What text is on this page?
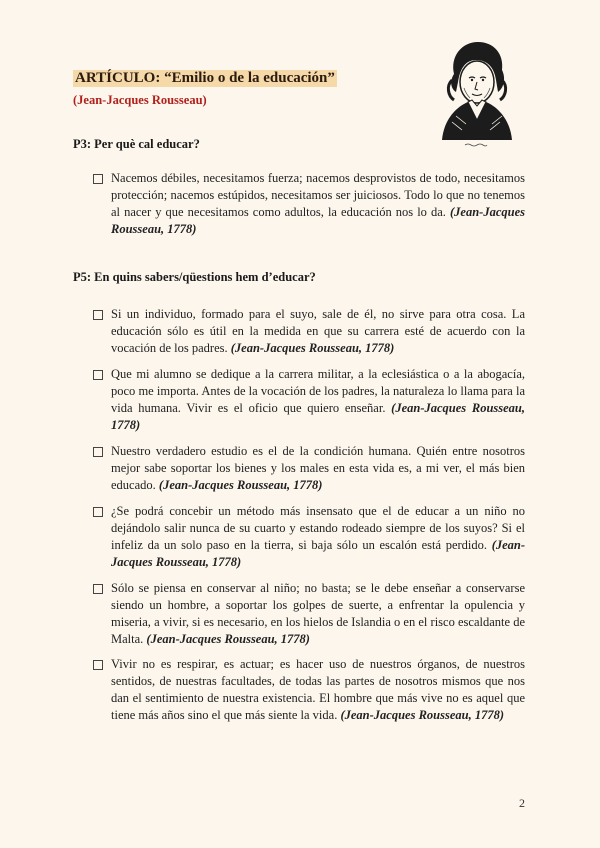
ARTÍCULO: “Emilio o de la educación”
(Jean-Jacques Rousseau)
P3: Per què cal educar?
Nacemos débiles, necesitamos fuerza; nacemos desprovistos de todo, necesitamos protección; nacemos estúpidos, necesitamos ser juiciosos. Todo lo que no tenemos al nacer y que necesitamos como adultos, la educación nos lo da. (Jean-Jacques Rousseau, 1778)
P5: En quins sabers/qüestions hem d’educar?
Si un individuo, formado para el suyo, sale de él, no sirve para otra cosa. La educación sólo es útil en la medida en que su carrera esté de acuerdo con la vocación de los padres. (Jean-Jacques Rousseau, 1778)
Que mi alumno se dedique a la carrera militar, a la eclesiástica o a la abogacía, poco me importa. Antes de la vocación de los padres, la naturaleza lo llama para la vida humana. Vivir es el oficio que quiero enseñar. (Jean-Jacques Rousseau, 1778)
Nuestro verdadero estudio es el de la condición humana. Quién entre nosotros mejor sabe soportar los bienes y los males en esta vida es, a mi ver, el más bien educado. (Jean-Jacques Rousseau, 1778)
¿Se podrá concebir un método más insensato que el de educar a un niño no dejándolo salir nunca de su cuarto y estando rodeado siempre de los suyos? Si el infeliz da un solo paso en la tierra, si baja sólo un escalón está perdido. (Jean-Jacques Rousseau, 1778)
Sólo se piensa en conservar al niño; no basta; se le debe enseñar a conservarse siendo un hombre, a soportar los golpes de suerte, a enfrentar la opulencia y miseria, a vivir, si es necesario, en los hielos de Islandia o en el risco escaldante de Malta. (Jean-Jacques Rousseau, 1778)
Vivir no es respirar, es actuar; es hacer uso de nuestros órganos, de nuestros sentidos, de nuestras facultades, de todas las partes de nosotros mismos que nos dan el sentimiento de nuestra existencia. El hombre que más vive no es aquel que tiene más años sino el que más siente la vida. (Jean-Jacques Rousseau, 1778)
2
